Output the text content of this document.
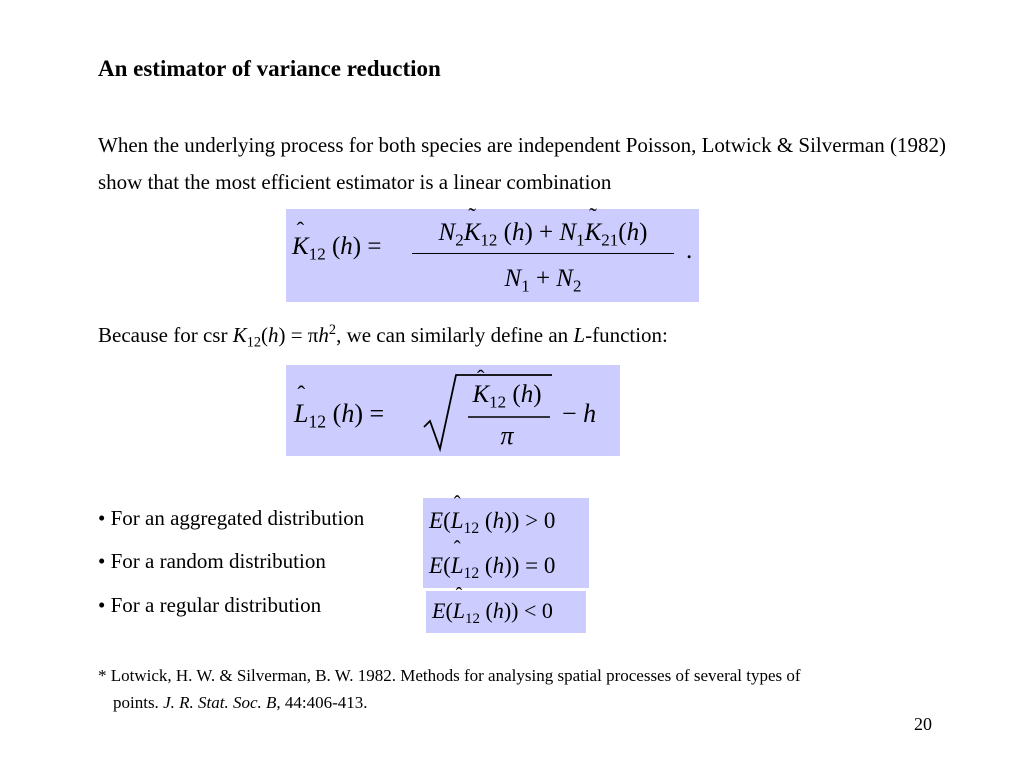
An estimator of variance reduction
When the underlying process for both species are independent Poisson, Lotwick & Silverman (1982) show that the most efficient estimator is a linear combination
ˆ $K_{12}$ (h) =
$N_2˜$ $K_{12}$ $(h) + N_1˜$ $K_{21}(h)$
$N_1 + N_2$
.
Because for csr $K_{12}(h) = \pi h^2$, we can similarly define an L-function:
ˆ $L_{12}$ (h) =
ˆ $K_{12}$ (h)
π
− h
• For an aggregated distribution
• For a random distribution
• For a regular distribution
E(ˆ $L_{12}$ (h)) > 0
E(ˆ $L_{12}$ (h)) = 0
E(ˆ $L_{12}$ (h)) < 0
* Lotwick, H. W. & Silverman, B. W. 1982. Methods for analysing spatial processes of several types of
points. J. R. Stat. Soc. B, 44:406-413.
20
